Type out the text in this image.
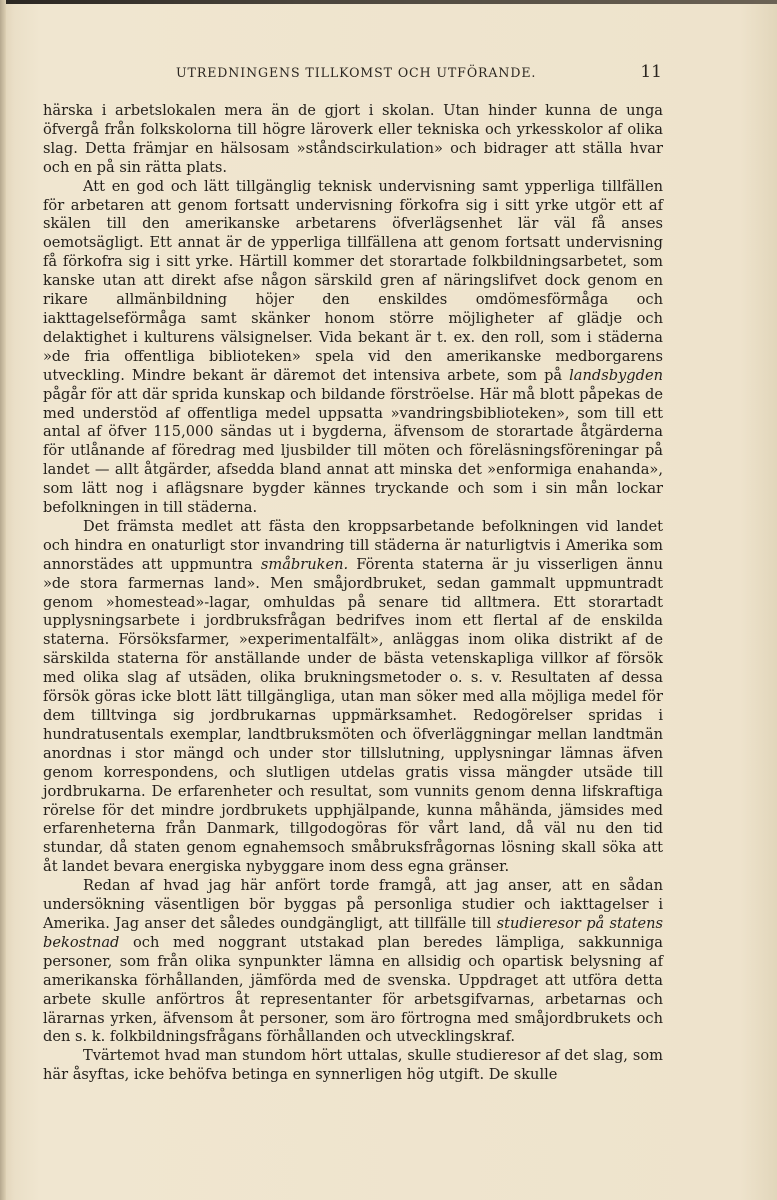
UTREDNINGENS TILLKOMST OCH UTFÖRANDE.	11

härska i arbetslokalen mera än de gjort i skolan. Utan hinder kunna de unga öfvergå från folkskolorna till högre läroverk eller tekniska och yrkesskolor af olika slag. Detta främjar en hälsosam »ståndscirkulation» och bidrager att ställa hvar och en på sin rätta plats.

Att en god och lätt tillgänglig teknisk undervisning samt ypperliga tillfällen för arbetaren att genom fortsatt undervisning förkofra sig i sitt yrke utgör ett af skälen till den amerikanske arbetarens öfverlägsenhet lär väl få anses oemotsägligt. Ett annat är de ypperliga tillfällena att genom fortsatt undervisning få förkofra sig i sitt yrke. Härtill kommer det storartade folkbildningsarbetet, som kanske utan att direkt afse någon särskild gren af näringslifvet dock genom en rikare allmänbildning höjer den enskildes omdömesförmåga och iakttagelseförmåga samt skänker honom större möjligheter af glädje och delaktighet i kulturens välsignelser. Vida bekant är t. ex. den roll, som i städerna »de fria offentliga biblioteken» spela vid den amerikanske medborgarens utveckling. Mindre bekant är däremot det intensiva arbete, som på landsbygden pågår för att där sprida kunskap och bildande förströelse. Här må blott påpekas de med understöd af offentliga medel uppsatta »vandringsbiblioteken», som till ett antal af öfver 115,000 sändas ut i bygderna, äfvensom de storartade åtgärderna för utlånande af föredrag med ljusbilder till möten och föreläsningsföreningar på landet — allt åtgärder, afsedda bland annat att minska det »enformiga enahanda», som lätt nog i aflägsnare bygder kännes tryckande och som i sin mån lockar befolkningen in till städerna.

Det främsta medlet att fästa den kroppsarbetande befolkningen vid landet och hindra en onaturligt stor invandring till städerna är naturligtvis i Amerika som annorstädes att uppmuntra småbruken. Förenta staterna är ju visserligen ännu »de stora farmernas land». Men småjordbruket, sedan gammalt uppmuntradt genom »homestead»-lagar, omhuldas på senare tid alltmera. Ett storartadt upplysningsarbete i jordbruksfrågan bedrifves inom ett flertal af de enskilda staterna. Försöksfarmer, »experimentalfält», anläggas inom olika distrikt af de särskilda staterna för anställande under de bästa vetenskapliga villkor af försök med olika slag af utsäden, olika brukningsmetoder o. s. v. Resultaten af dessa försök göras icke blott lätt tillgängliga, utan man söker med alla möjliga medel för dem tilltvinga sig jordbrukarnas uppmärksamhet. Redogörelser spridas i hundratusentals exemplar, landtbruksmöten och öfverläggningar mellan landtmän anordnas i stor mängd och under stor tillslutning, upplysningar lämnas äfven genom korrespondens, och slutligen utdelas gratis vissa mängder utsäde till jordbrukarna. De erfarenheter och resultat, som vunnits genom denna lifskraftiga rörelse för det mindre jordbrukets upphjälpande, kunna måhända, jämsides med erfarenheterna från Danmark, tillgodogöras för vårt land, då väl nu den tid stundar, då staten genom egnahemsoch småbruksfrågornas lösning skall söka att åt landet bevara energiska nybyggare inom dess egna gränser.

Redan af hvad jag här anfört torde framgå, att jag anser, att en sådan undersökning väsentligen bör byggas på personliga studier och iakttagelser i Amerika. Jag anser det således oundgängligt, att tillfälle till studieresor på statens bekostnad och med noggrant utstakad plan beredes lämpliga, sakkunniga personer, som från olika synpunkter lämna en allsidig och opartisk belysning af amerikanska förhållanden, jämförda med de svenska. Uppdraget att utföra detta arbete skulle anförtros åt representanter för arbetsgifvarnas, arbetarnas och lärarnas yrken, äfvensom åt personer, som äro förtrogna med småjordbrukets och den s. k. folkbildningsfrågans förhållanden och utvecklingskraf.

Tvärtemot hvad man stundom hört uttalas, skulle studieresor af det slag, som här åsyftas, icke behöfva betinga en synnerligen hög utgift. De skulle
